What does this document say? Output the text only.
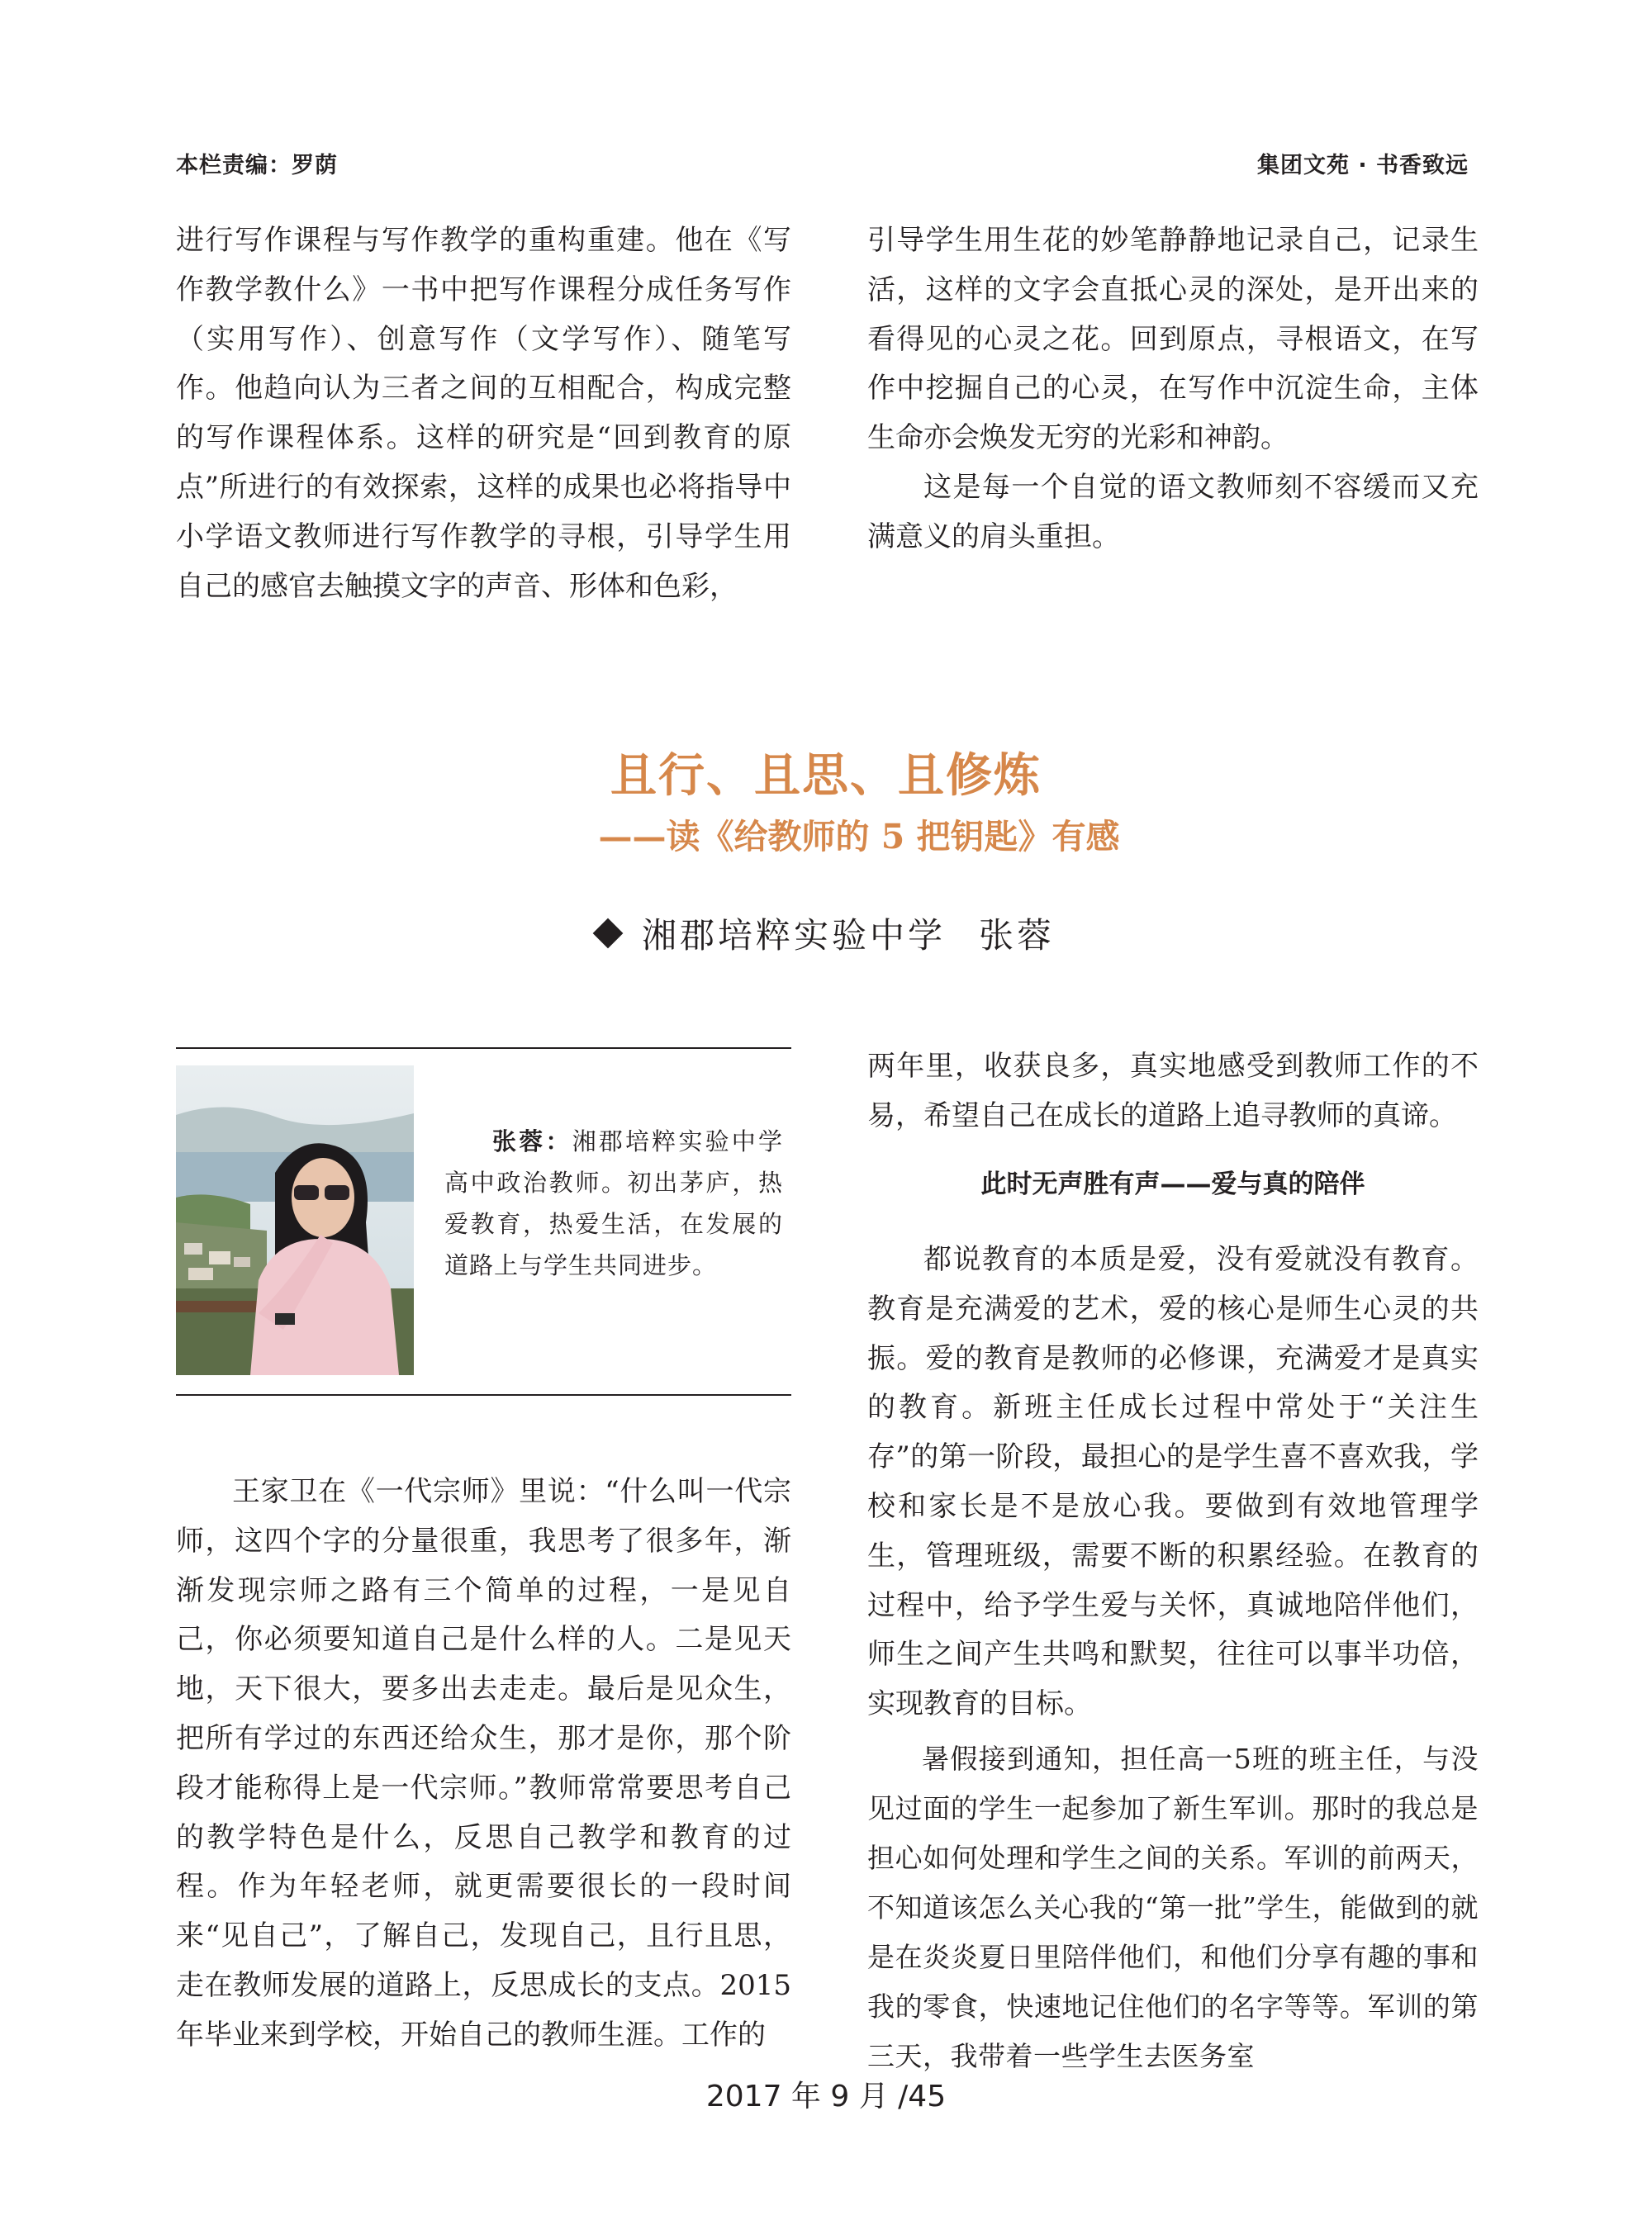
本栏责编：罗荫	集团文苑 · 书香致远

进行写作课程与写作教学的重构重建。他在《写作教学教什么》一书中把写作课程分成任务写作（实用写作）、创意写作（文学写作）、随笔写作。他趋向认为三者之间的互相配合，构成完整的写作课程体系。这样的研究是“回到教育的原点”所进行的有效探索，这样的成果也必将指导中小学语文教师进行写作教学的寻根，引导学生用自己的感官去触摸文字的声音、形体和色彩，

引导学生用生花的妙笔静静地记录自己，记录生活，这样的文字会直抵心灵的深处，是开出来的看得见的心灵之花。回到原点，寻根语文，在写作中挖掘自己的心灵，在写作中沉淀生命，主体生命亦会焕发无穷的光彩和神韵。

这是每一个自觉的语文教师刻不容缓而又充满意义的肩头重担。

且行、且思、且修炼
——读《给教师的 5 把钥匙》有感
湘郡培粹实验中学 张蓉

张蓉：湘郡培粹实验中学高中政治教师。初出茅庐，热爱教育，热爱生活，在发展的道路上与学生共同进步。

王家卫在《一代宗师》里说：“什么叫一代宗师，这四个字的分量很重，我思考了很多年，渐渐发现宗师之路有三个简单的过程，一是见自己，你必须要知道自己是什么样的人。二是见天地，天下很大，要多出去走走。最后是见众生，把所有学过的东西还给众生，那才是你，那个阶段才能称得上是一代宗师。”教师常常要思考自己的教学特色是什么，反思自己教学和教育的过程。作为年轻老师，就更需要很长的一段时间来“见自己”，了解自己，发现自己，且行且思，走在教师发展的道路上，反思成长的支点。2015年毕业来到学校，开始自己的教师生涯。工作的

两年里，收获良多，真实地感受到教师工作的不易，希望自己在成长的道路上追寻教师的真谛。

此时无声胜有声——爱与真的陪伴

都说教育的本质是爱，没有爱就没有教育。教育是充满爱的艺术，爱的核心是师生心灵的共振。爱的教育是教师的必修课，充满爱才是真实的教育。新班主任成长过程中常处于“关注生存”的第一阶段，最担心的是学生喜不喜欢我，学校和家长是不是放心我。要做到有效地管理学生，管理班级，需要不断的积累经验。在教育的过程中，给予学生爱与关怀，真诚地陪伴他们，师生之间产生共鸣和默契，往往可以事半功倍，实现教育的目标。

暑假接到通知，担任高一5班的班主任，与没见过面的学生一起参加了新生军训。那时的我总是担心如何处理和学生之间的关系。军训的前两天，不知道该怎么关心我的“第一批”学生，能做到的就是在炎炎夏日里陪伴他们，和他们分享有趣的事和我的零食，快速地记住他们的名字等等。军训的第三天，我带着一些学生去医务室

2017 年 9 月 /45
